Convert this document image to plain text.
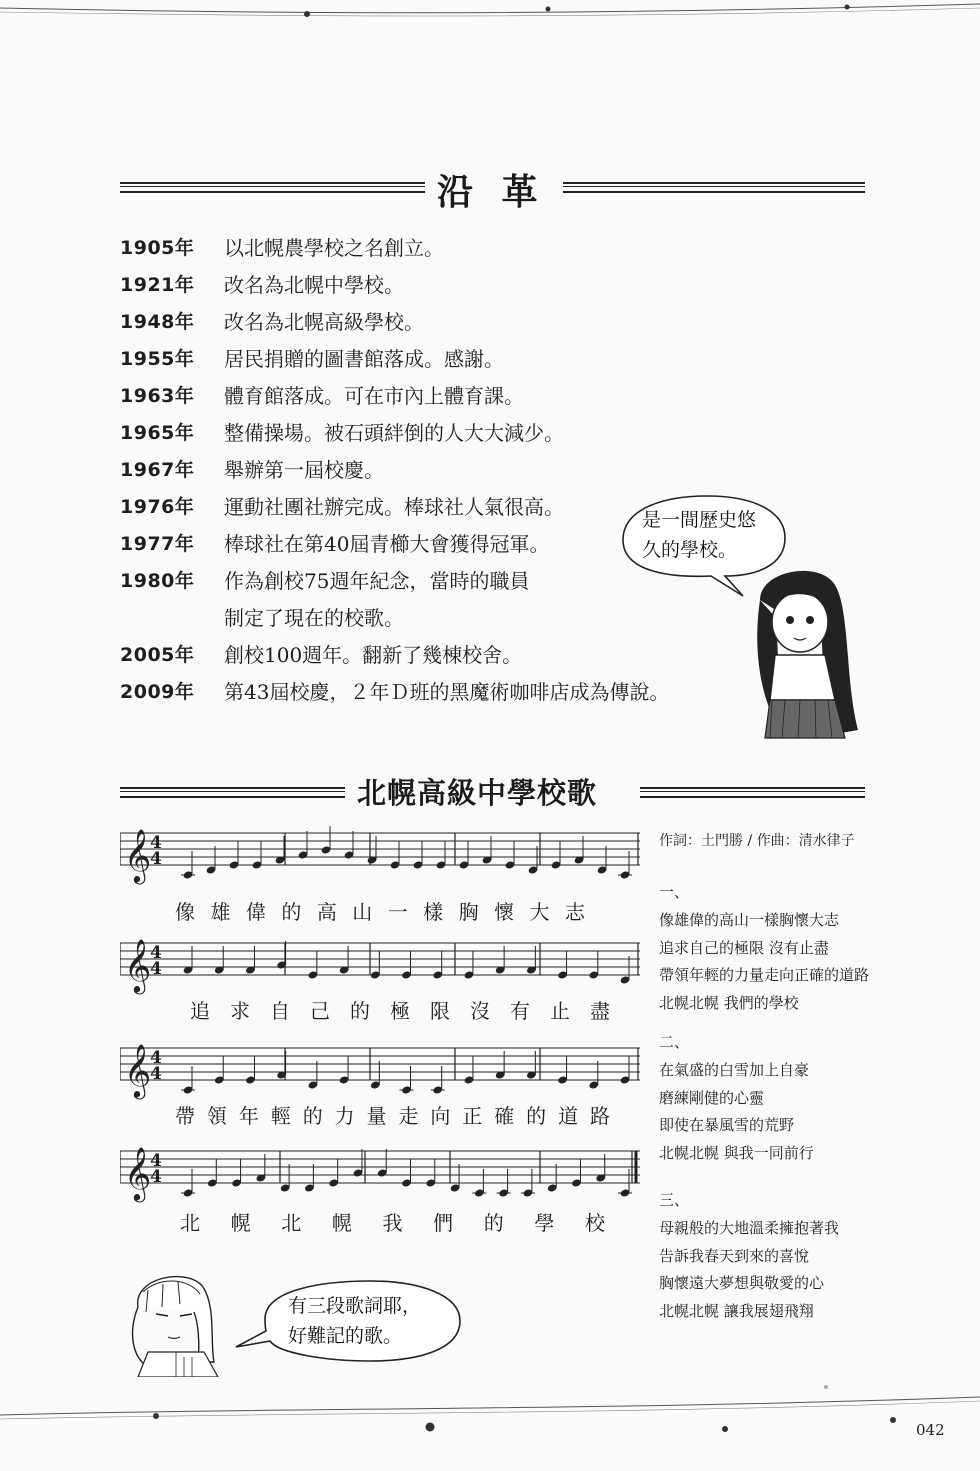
沿 革
1905年	以北幌農學校之名創立。
1921年	改名為北幌中學校。
1948年	改名為北幌高級學校。
1955年	居民捐贈的圖書館落成。感謝。
1963年	體育館落成。可在市內上體育課。
1965年	整備操場。被石頭絆倒的人大大減少。
1967年	舉辦第一屆校慶。
1976年	運動社團社辦完成。棒球社人氣很高。
1977年	棒球社在第40屆青櫛大會獲得冠軍。
1980年	作為創校75週年紀念，當時的職員
制定了現在的校歌。
2005年	創校100週年。翻新了幾棟校舍。
2009年	第43屆校慶，２年Ｄ班的黑魔術咖啡店成為傳說。
是一間歷史悠
久的學校。
北幌高級中學校歌
作詞：土門勝 / 作曲：清水律子
𝄞
4
4
像 雄 偉 的 高 山 一 樣 胸 懷 大 志
𝄞
4
4
追 求 自 己 的 極 限 沒 有 止 盡
𝄞
4
4
帶 領 年 輕 的 力 量 走 向 正 確 的 道 路
𝄞
4
4
北 幌 北 幌 我 們 的 學 校
一、
像雄偉的高山一樣胸懷大志
追求自己的極限 沒有止盡
帶領年輕的力量走向正確的道路
北幌北幌 我們的學校
二、
在氣盛的白雪加上自豪
磨練剛健的心靈
即使在暴風雪的荒野
北幌北幌 與我一同前行
三、
母親般的大地溫柔擁抱著我
告訴我春天到來的喜悅
胸懷遠大夢想與敬愛的心
北幌北幌 讓我展翅飛翔
有三段歌詞耶，
好難記的歌。
042
